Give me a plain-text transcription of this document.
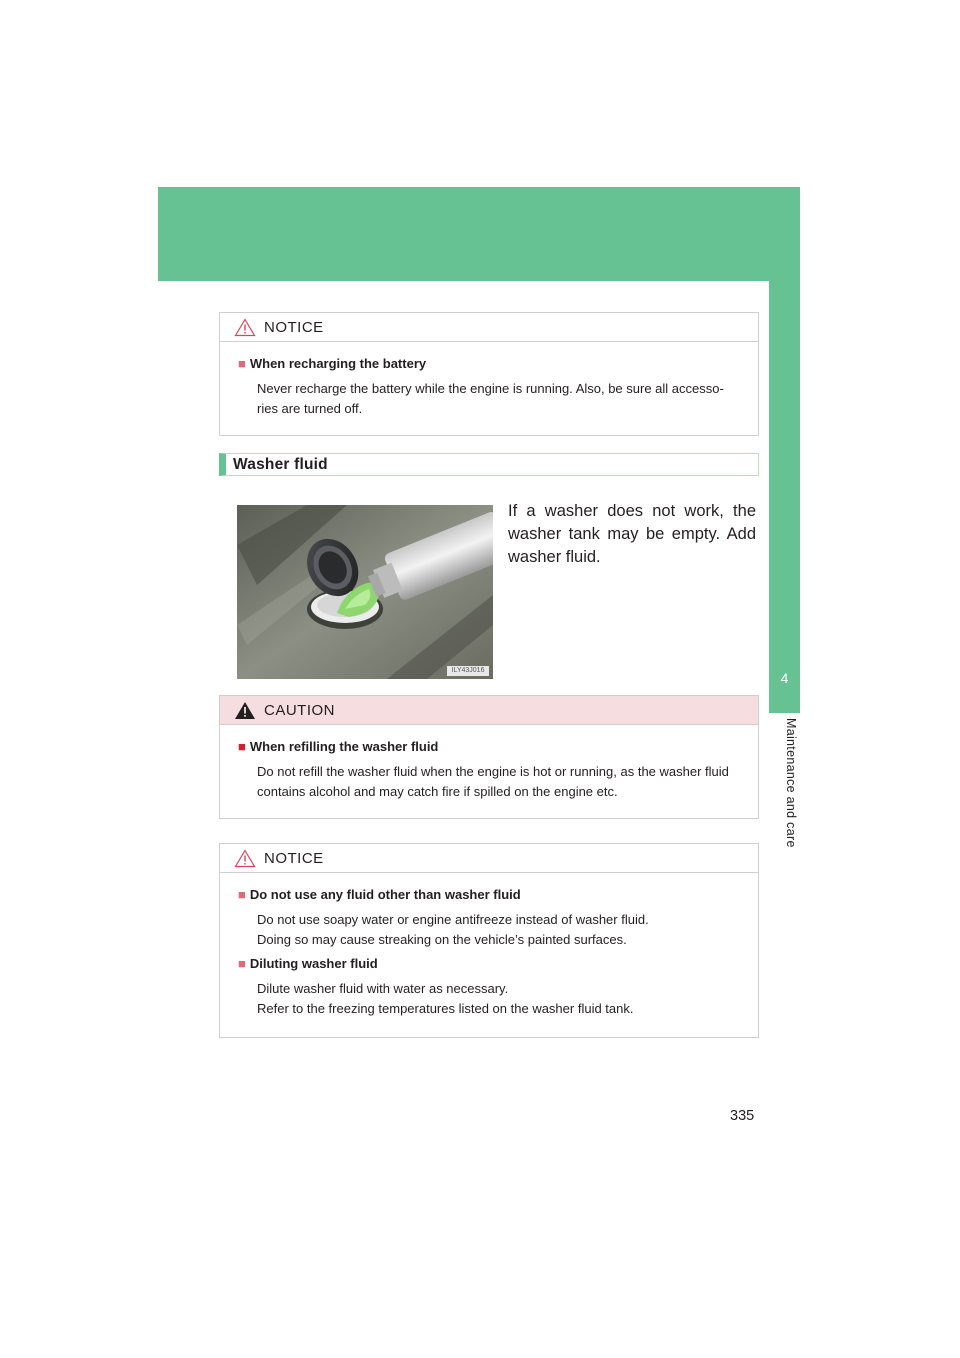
4
Maintenance and care
NOTICE
■ When recharging the battery

Never recharge the battery while the engine is running. Also, be sure all accesso-

ries are turned off.

Washer fluid
ILY43J016
If a washer does not work, the washer tank may be empty. Add washer fluid.
CAUTION
■ When refilling the washer fluid

Do not refill the washer fluid when the engine is hot or running, as the washer fluid

contains alcohol and may catch fire if spilled on the engine etc.

NOTICE
■ Do not use any fluid other than washer fluid

Do not use soapy water or engine antifreeze instead of washer fluid.

Doing so may cause streaking on the vehicle’s painted surfaces.

■ Diluting washer fluid

Dilute washer fluid with water as necessary.

Refer to the freezing temperatures listed on the washer fluid tank.

335
